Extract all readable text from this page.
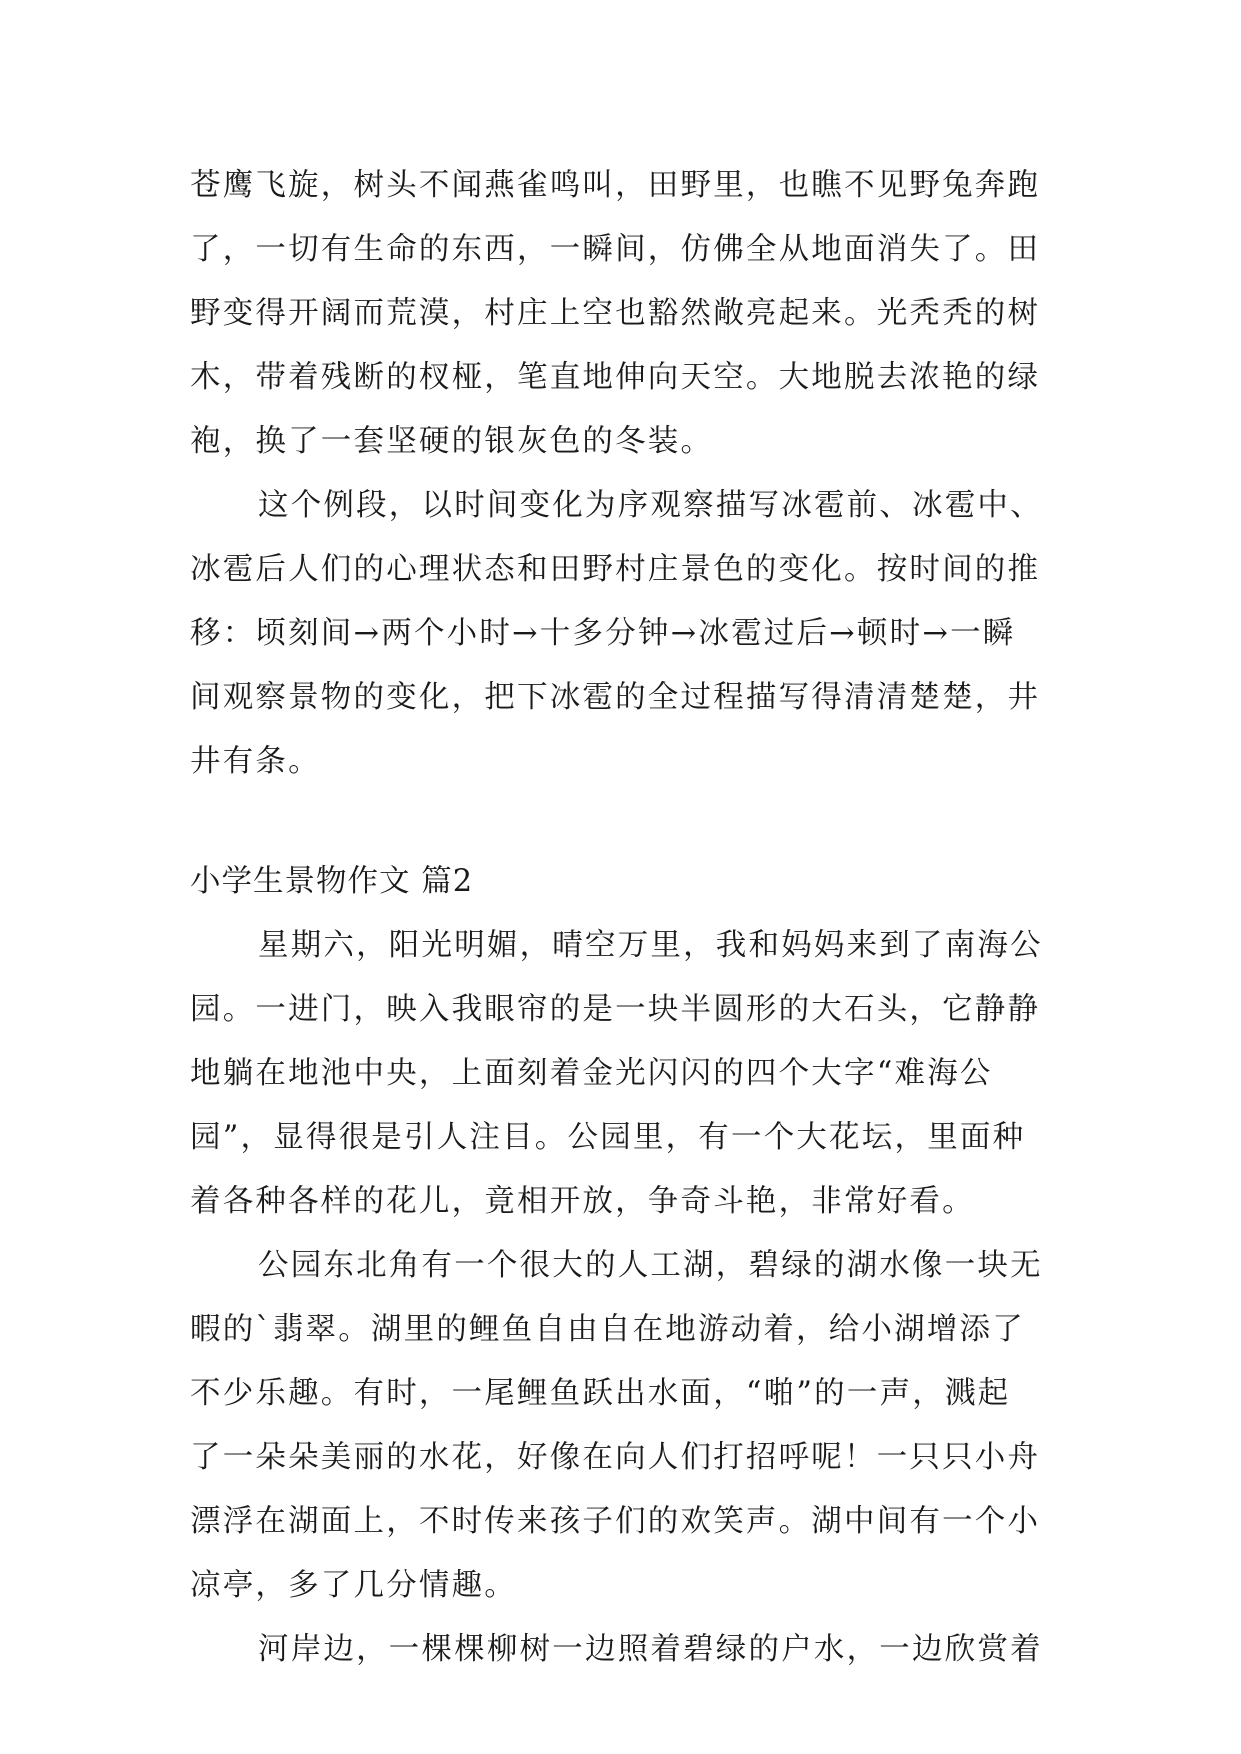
苍鹰飞旋，树头不闻燕雀鸣叫，田野里，也瞧不见野兔奔跑
了，一切有生命的东西，一瞬间，仿佛全从地面消失了。田
野变得开阔而荒漠，村庄上空也豁然敞亮起来。光秃秃的树
木，带着残断的杈桠，笔直地伸向天空。大地脱去浓艳的绿
袍，换了一套坚硬的银灰色的冬装。
这个例段，以时间变化为序观察描写冰雹前、冰雹中、
冰雹后人们的心理状态和田野村庄景色的变化。按时间的推
移：顷刻间→两个小时→十多分钟→冰雹过后→顿时→一瞬
间观察景物的变化，把下冰雹的全过程描写得清清楚楚，井
井有条。
小学生景物作文 篇2
星期六，阳光明媚，晴空万里，我和妈妈来到了南海公
园。一进门，映入我眼帘的是一块半圆形的大石头，它静静
地躺在地池中央，上面刻着金光闪闪的四个大字“难海公
园”，显得很是引人注目。公园里，有一个大花坛，里面种
着各种各样的花儿，竟相开放，争奇斗艳，非常好看。
公园东北角有一个很大的人工湖，碧绿的湖水像一块无
暇的`翡翠。湖里的鲤鱼自由自在地游动着，给小湖增添了
不少乐趣。有时，一尾鲤鱼跃出水面，“啪”的一声，溅起
了一朵朵美丽的水花，好像在向人们打招呼呢！一只只小舟
漂浮在湖面上，不时传来孩子们的欢笑声。湖中间有一个小
凉亭，多了几分情趣。
河岸边，一棵棵柳树一边照着碧绿的户水，一边欣赏着
